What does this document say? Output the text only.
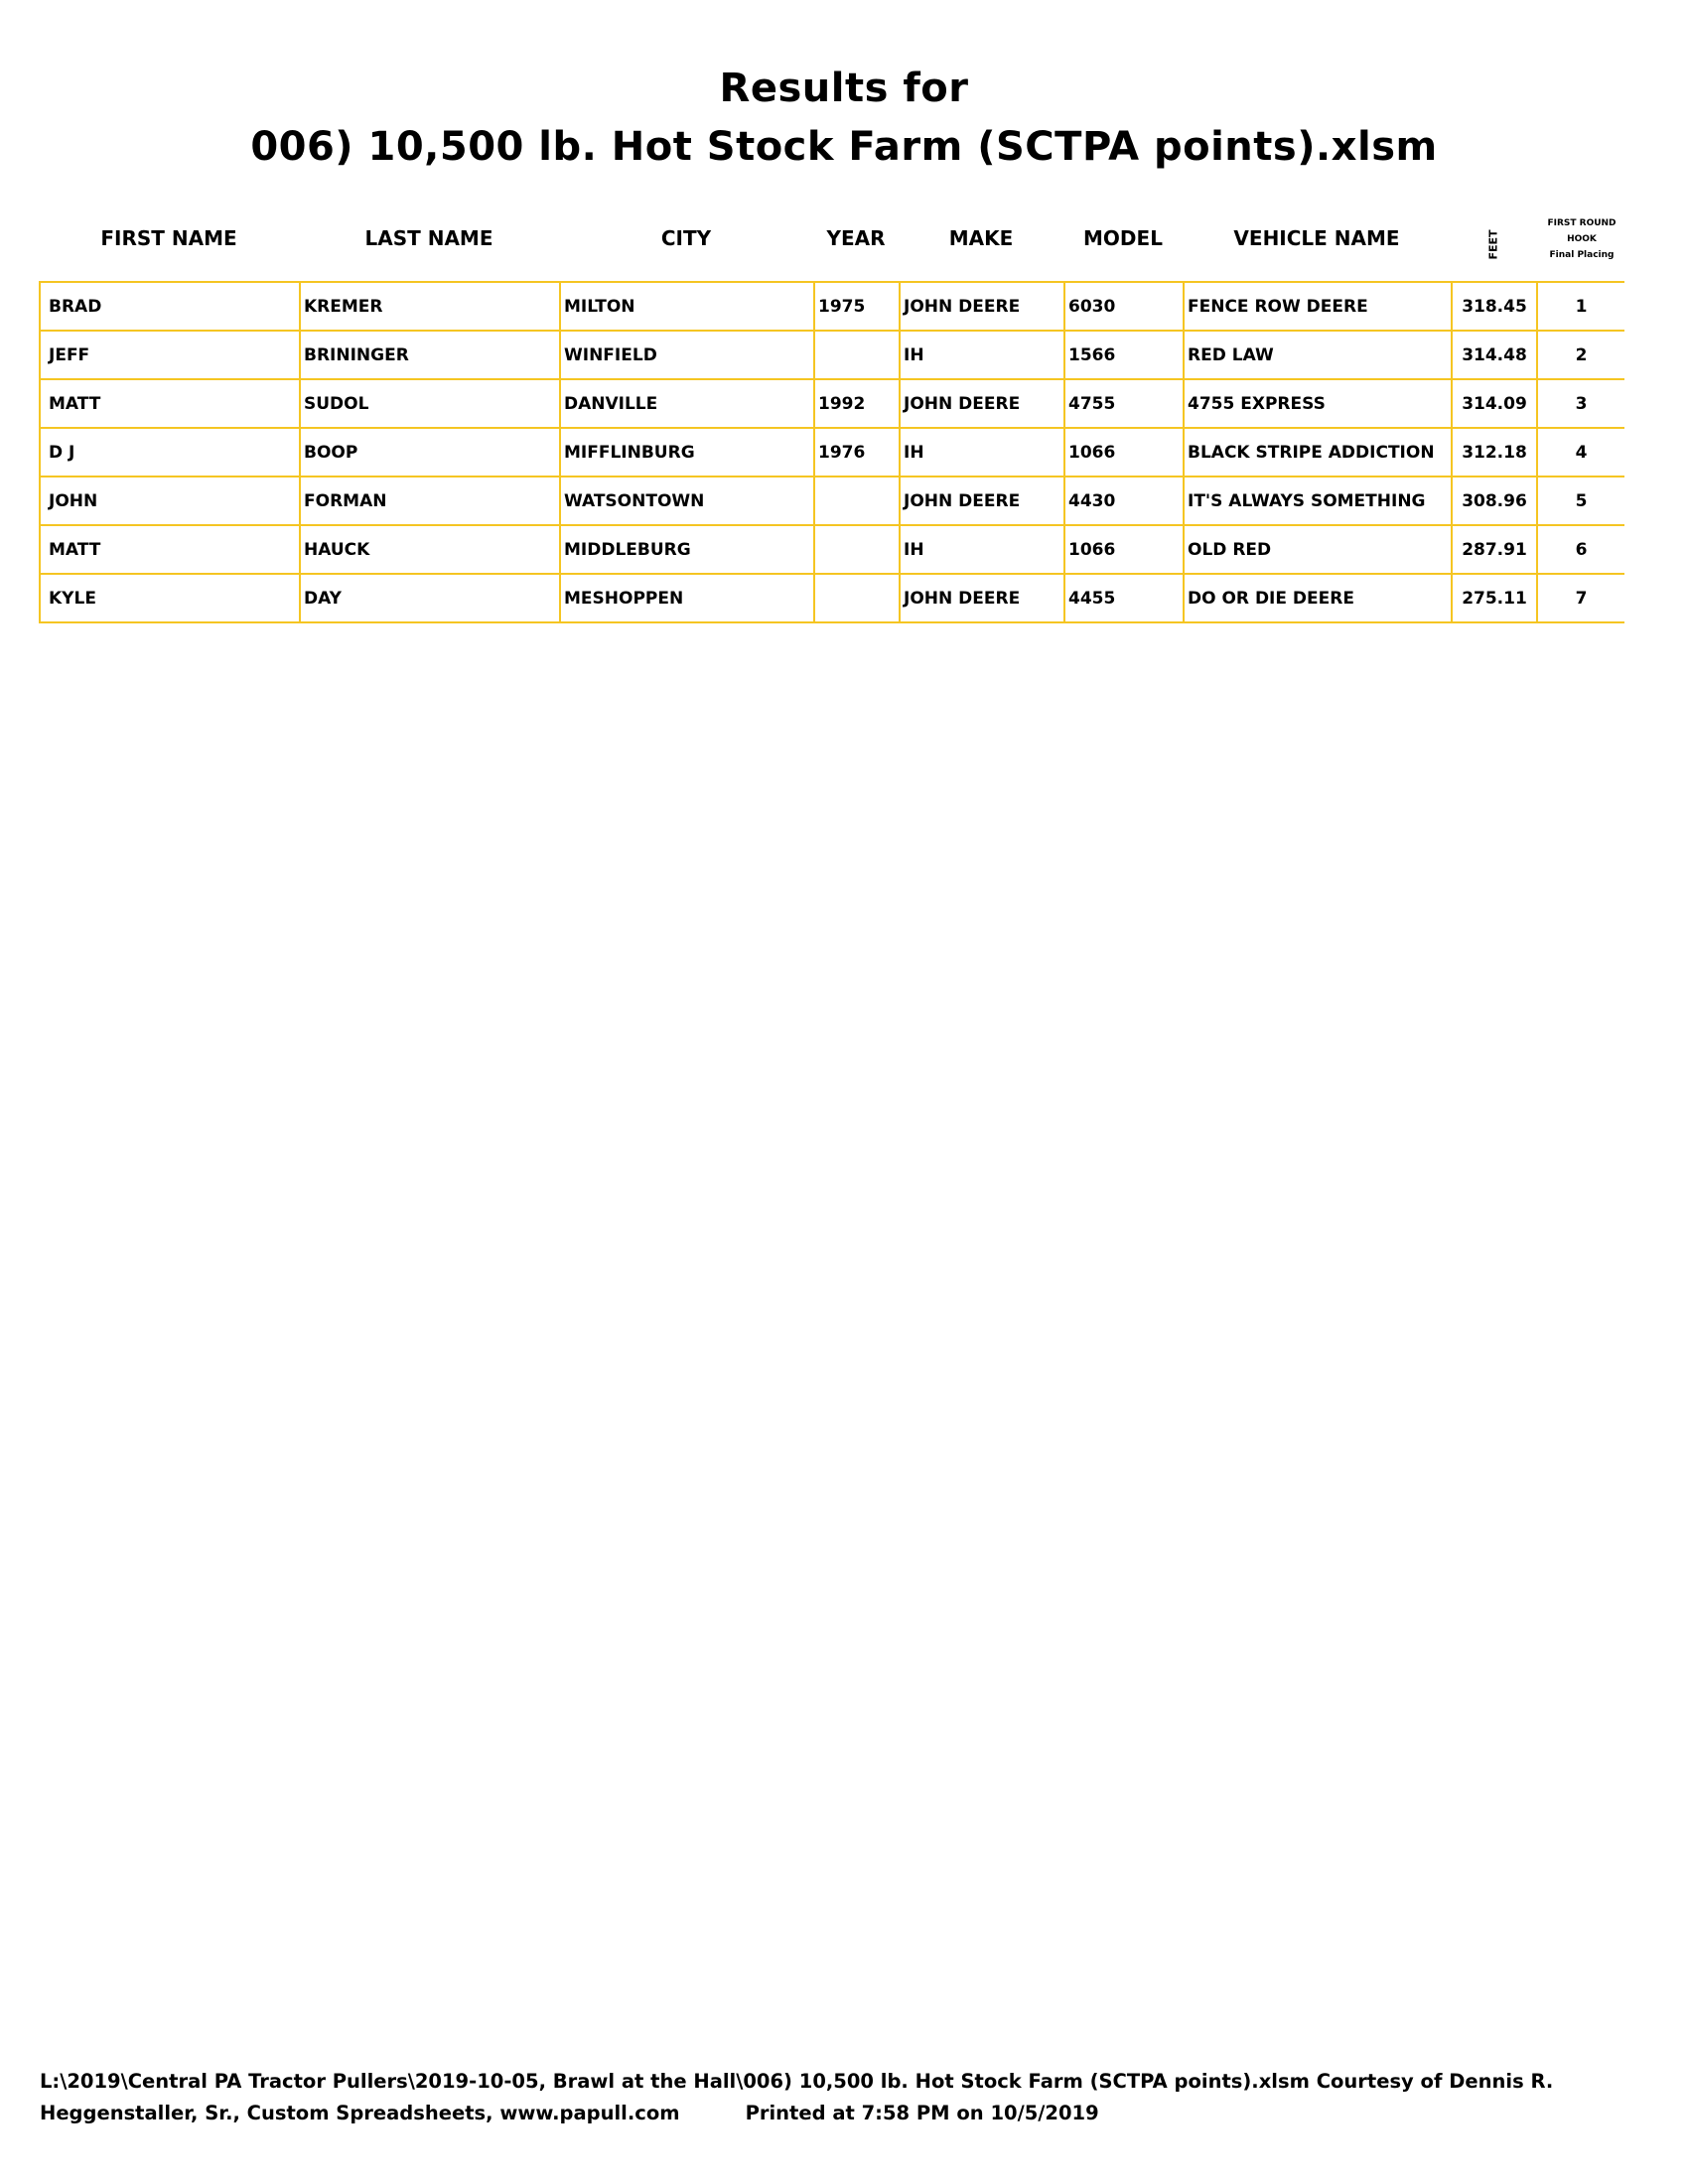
Results for
006) 10,500 lb. Hot Stock Farm (SCTPA points).xlsm
FIRST NAME	LAST NAME	CITY	YEAR	MAKE	MODEL	VEHICLE NAME	FEET
FIRST ROUND
HOOK
Final Placing
BRAD	KREMER	MILTON	1975	JOHN DEERE	6030	FENCE ROW DEERE	318.45	1
JEFF	BRININGER	WINFIELD		IH	1566	RED LAW	314.48	2
MATT	SUDOL	DANVILLE	1992	JOHN DEERE	4755	4755 EXPRESS	314.09	3
D J	BOOP	MIFFLINBURG	1976	IH	1066	BLACK STRIPE ADDICTION	312.18	4
JOHN	FORMAN	WATSONTOWN		JOHN DEERE	4430	IT'S ALWAYS SOMETHING	308.96	5
MATT	HAUCK	MIDDLEBURG		IH	1066	OLD RED	287.91	6
KYLE	DAY	MESHOPPEN		JOHN DEERE	4455	DO OR DIE DEERE	275.11	7
L:\2019\Central PA Tractor Pullers\2019-10-05, Brawl at the Hall\006) 10,500 lb. Hot Stock Farm (SCTPA points).xlsm Courtesy of Dennis R.
Heggenstaller, Sr., Custom Spreadsheets, www.papull.com	Printed at 7:58 PM on 10/5/2019
